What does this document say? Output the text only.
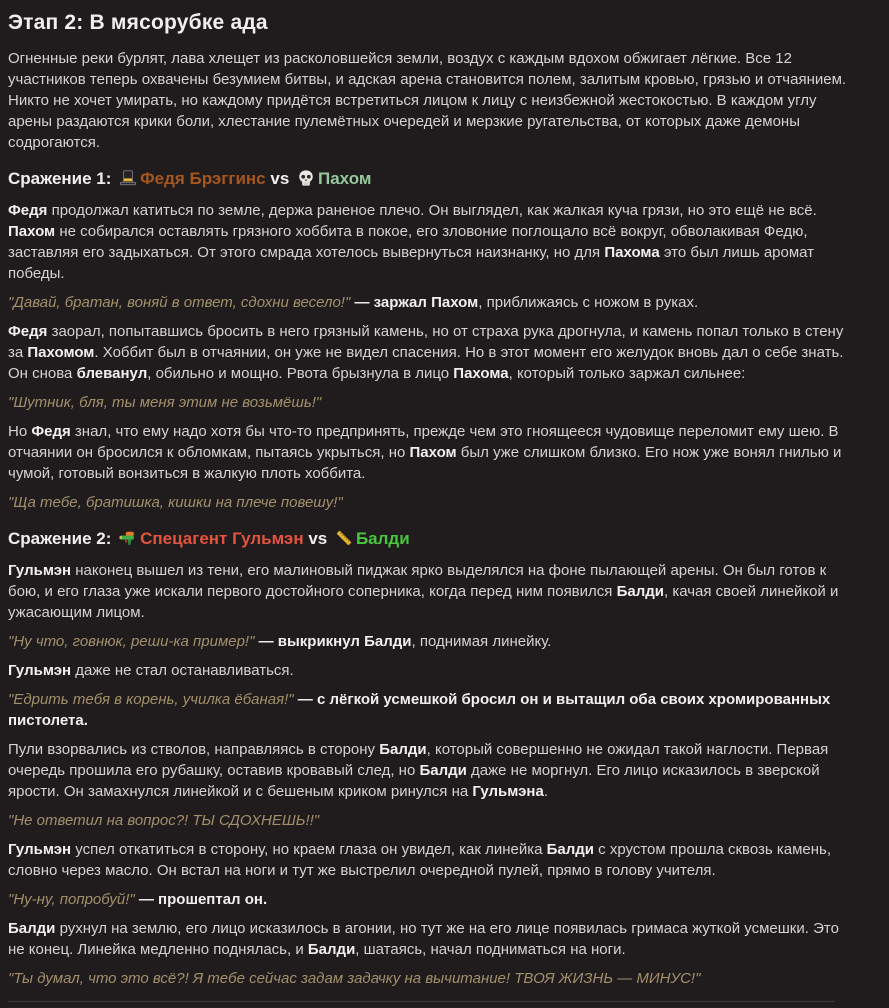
Этап 2: В мясорубке ада

Огненные реки бурлят, лава хлещет из расколовшейся земли, воздух с каждым вдохом обжигает лёгкие. Все 12 участников теперь охвачены безумием битвы, и адская арена становится полем, залитым кровью, грязью и отчаянием. Никто не хочет умирать, но каждому придётся встретиться лицом к лицу с неизбежной жестокостью. В каждом углу арены раздаются крики боли, хлестание пулемётных очередей и мерзкие ругательства, от которых даже демоны содрогаются.

Сражение 1:
Федя Брэггинс vs
Пахом

Федя продолжал катиться по земле, держа раненое плечо. Он выглядел, как жалкая куча грязи, но это ещё не всё. Пахом не собирался оставлять грязного хоббита в покое, его зловоние поглощало всё вокруг, обволакивая Федю, заставляя его задыхаться. От этого смрада хотелось вывернуться наизнанку, но для Пахома это был лишь аромат победы.

"Давай, братан, воняй в ответ, сдохни весело!" — заржал Пахом, приближаясь с ножом в руках.

Федя заорал, попытавшись бросить в него грязный камень, но от страха рука дрогнула, и камень попал только в стену за Пахомом. Хоббит был в отчаянии, он уже не видел спасения. Но в этот момент его желудок вновь дал о себе знать. Он снова блеванул, обильно и мощно. Рвота брызнула в лицо Пахома, который только заржал сильнее:

"Шутник, бля, ты меня этим не возьмёшь!"

Но Федя знал, что ему надо хотя бы что-то предпринять, прежде чем это гноящееся чудовище переломит ему шею. В отчаянии он бросился к обломкам, пытаясь укрыться, но Пахом был уже слишком близко. Его нож уже вонял гнилью и чумой, готовый вонзиться в жалкую плоть хоббита.

"Ща тебе, братишка, кишки на плече повешу!"

Сражение 2:
Спецагент Гульмэн vs
Балди

Гульмэн наконец вышел из тени, его малиновый пиджак ярко выделялся на фоне пылающей арены. Он был готов к бою, и его глаза уже искали первого достойного соперника, когда перед ним появился Балди, качая своей линейкой и ужасающим лицом.

"Ну что, говнюк, реши-ка пример!" — выкрикнул Балди, поднимая линейку.

Гульмэн даже не стал останавливаться.

"Едрить тебя в корень, училка ёбаная!" — с лёгкой усмешкой бросил он и вытащил оба своих хромированных пистолета.

Пули взорвались из стволов, направляясь в сторону Балди, который совершенно не ожидал такой наглости. Первая очередь прошила его рубашку, оставив кровавый след, но Балди даже не моргнул. Его лицо исказилось в зверской ярости. Он замахнулся линейкой и с бешеным криком ринулся на Гульмэна.

"Не ответил на вопрос?! ТЫ СДОХНЕШЬ!!"

Гульмэн успел откатиться в сторону, но краем глаза он увидел, как линейка Балди с хрустом прошла сквозь камень, словно через масло. Он встал на ноги и тут же выстрелил очередной пулей, прямо в голову учителя.

"Ну-ну, попробуй!" — прошептал он.

Балди рухнул на землю, его лицо исказилось в агонии, но тут же на его лице появилась гримаса жуткой усмешки. Это не конец. Линейка медленно поднялась, и Балди, шатаясь, начал подниматься на ноги.

"Ты думал, что это всё?! Я тебе сейчас задам задачку на вычитание! ТВОЯ ЖИЗНЬ — МИНУС!"
